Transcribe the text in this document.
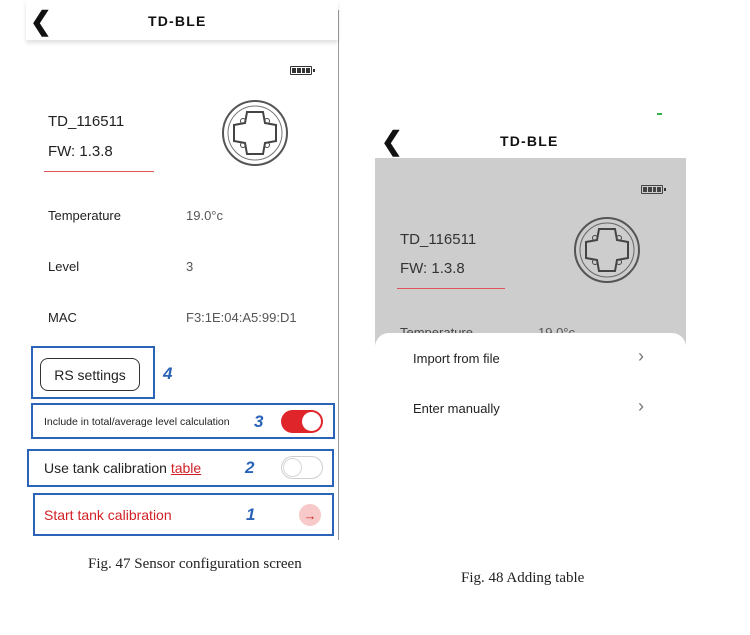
❮	TD-BLE
TD_116511
FW: 1.3.8
Temperature	19.0°c
Level	3
MAC	F3:1E:04:A5:99:D1
RS settings	4
Include in total/average level calculation 3
Use tank calibration table	2
Start tank calibration	1	→
Fig. 47 Sensor configuration screen
❮	TD-BLE
TD_116511
FW: 1.3.8
Import from file	›
Enter manually	›
Fig. 48 Adding table
